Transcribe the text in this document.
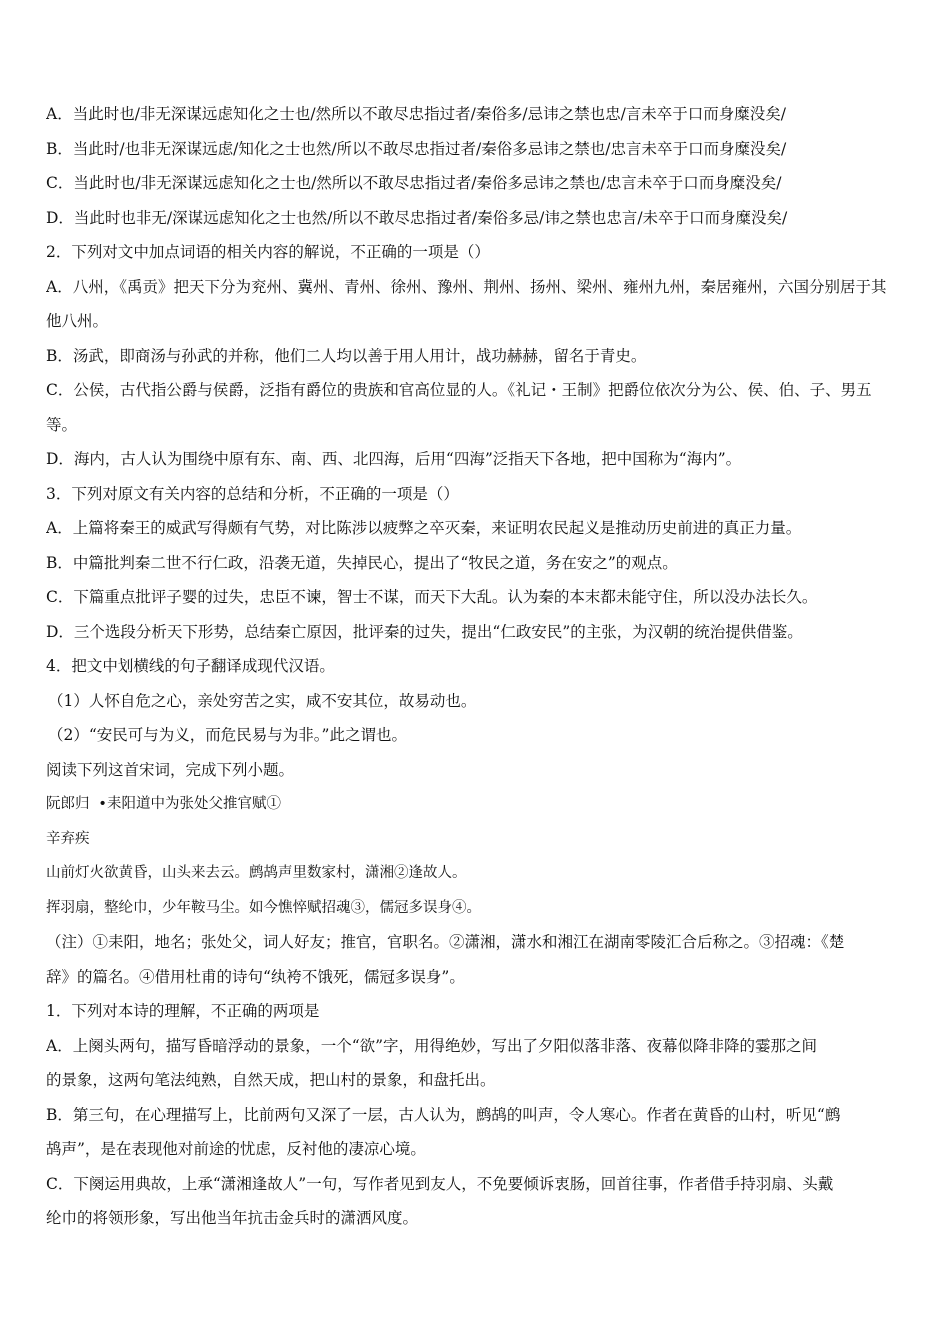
A．当此时也/非无深谋远虑知化之士也/然所以不敢尽忠指过者/秦俗多/忌讳之禁也忠/言未卒于口而身糜没矣/
B．当此时/也非无深谋远虑/知化之士也然/所以不敢尽忠指过者/秦俗多忌讳之禁也/忠言未卒于口而身糜没矣/
C．当此时也/非无深谋远虑知化之士也/然所以不敢尽忠指过者/秦俗多忌讳之禁也/忠言未卒于口而身糜没矣/
D．当此时也非无/深谋远虑知化之士也然/所以不敢尽忠指过者/秦俗多忌/讳之禁也忠言/未卒于口而身糜没矣/
2．下列对文中加点词语的相关内容的解说，不正确的一项是（）
A．八州，《禹贡》把天下分为兖州、冀州、青州、徐州、豫州、荆州、扬州、梁州、雍州九州，秦居雍州，六国分别居于其
他八州。
B．汤武，即商汤与孙武的并称，他们二人均以善于用人用计，战功赫赫，留名于青史。
C．公侯，古代指公爵与侯爵，泛指有爵位的贵族和官高位显的人。《礼记・王制》把爵位依次分为公、侯、伯、子、男五
等。
D．海内，古人认为围绕中原有东、南、西、北四海，后用“四海”泛指天下各地，把中国称为“海内”。
3．下列对原文有关内容的总结和分析，不正确的一项是（）
A．上篇将秦王的威武写得颇有气势，对比陈涉以疲弊之卒灭秦，来证明农民起义是推动历史前进的真正力量。
B．中篇批判秦二世不行仁政，沿袭无道，失掉民心，提出了“牧民之道，务在安之”的观点。
C．下篇重点批评子婴的过失，忠臣不谏，智士不谋，而天下大乱。认为秦的本末都未能守住，所以没办法长久。
D．三个选段分析天下形势，总结秦亡原因，批评秦的过失，提出“仁政安民”的主张，为汉朝的统治提供借鉴。
4．把文中划横线的句子翻译成现代汉语。
（1）人怀自危之心，亲处穷苦之实，咸不安其位，故易动也。
（2）“安民可与为义，而危民易与为非。”此之谓也。
阅读下列这首宋词，完成下列小题。
阮郎归 •耒阳道中为张处父推官赋①
辛弃疾
山前灯火欲黄昏，山头来去云。鹧鸪声里数家村，潇湘②逢故人。
挥羽扇，整纶巾，少年鞍马尘。如今憔悴赋招魂③，儒冠多误身④。
（注）①耒阳，地名；张处父，词人好友；推官，官职名。②潇湘，潇水和湘江在湖南零陵汇合后称之。③招魂：《楚
辞》的篇名。④借用杜甫的诗句“纨袴不饿死，儒冠多误身”。
1．下列对本诗的理解，不正确的两项是
A．上阕头两句，描写昏暗浮动的景象，一个“欲”字，用得绝妙，写出了夕阳似落非落、夜幕似降非降的霎那之间
的景象，这两句笔法纯熟，自然天成，把山村的景象，和盘托出。
B．第三句，在心理描写上，比前两句又深了一层，古人认为，鹧鸪的叫声，令人寒心。作者在黄昏的山村，听见“鹧
鸪声”，是在表现他对前途的忧虑，反衬他的凄凉心境。
C．下阕运用典故，上承“潇湘逢故人”一句，写作者见到友人，不免要倾诉衷肠，回首往事，作者借手持羽扇、头戴
纶巾的将领形象，写出他当年抗击金兵时的潇洒风度。
